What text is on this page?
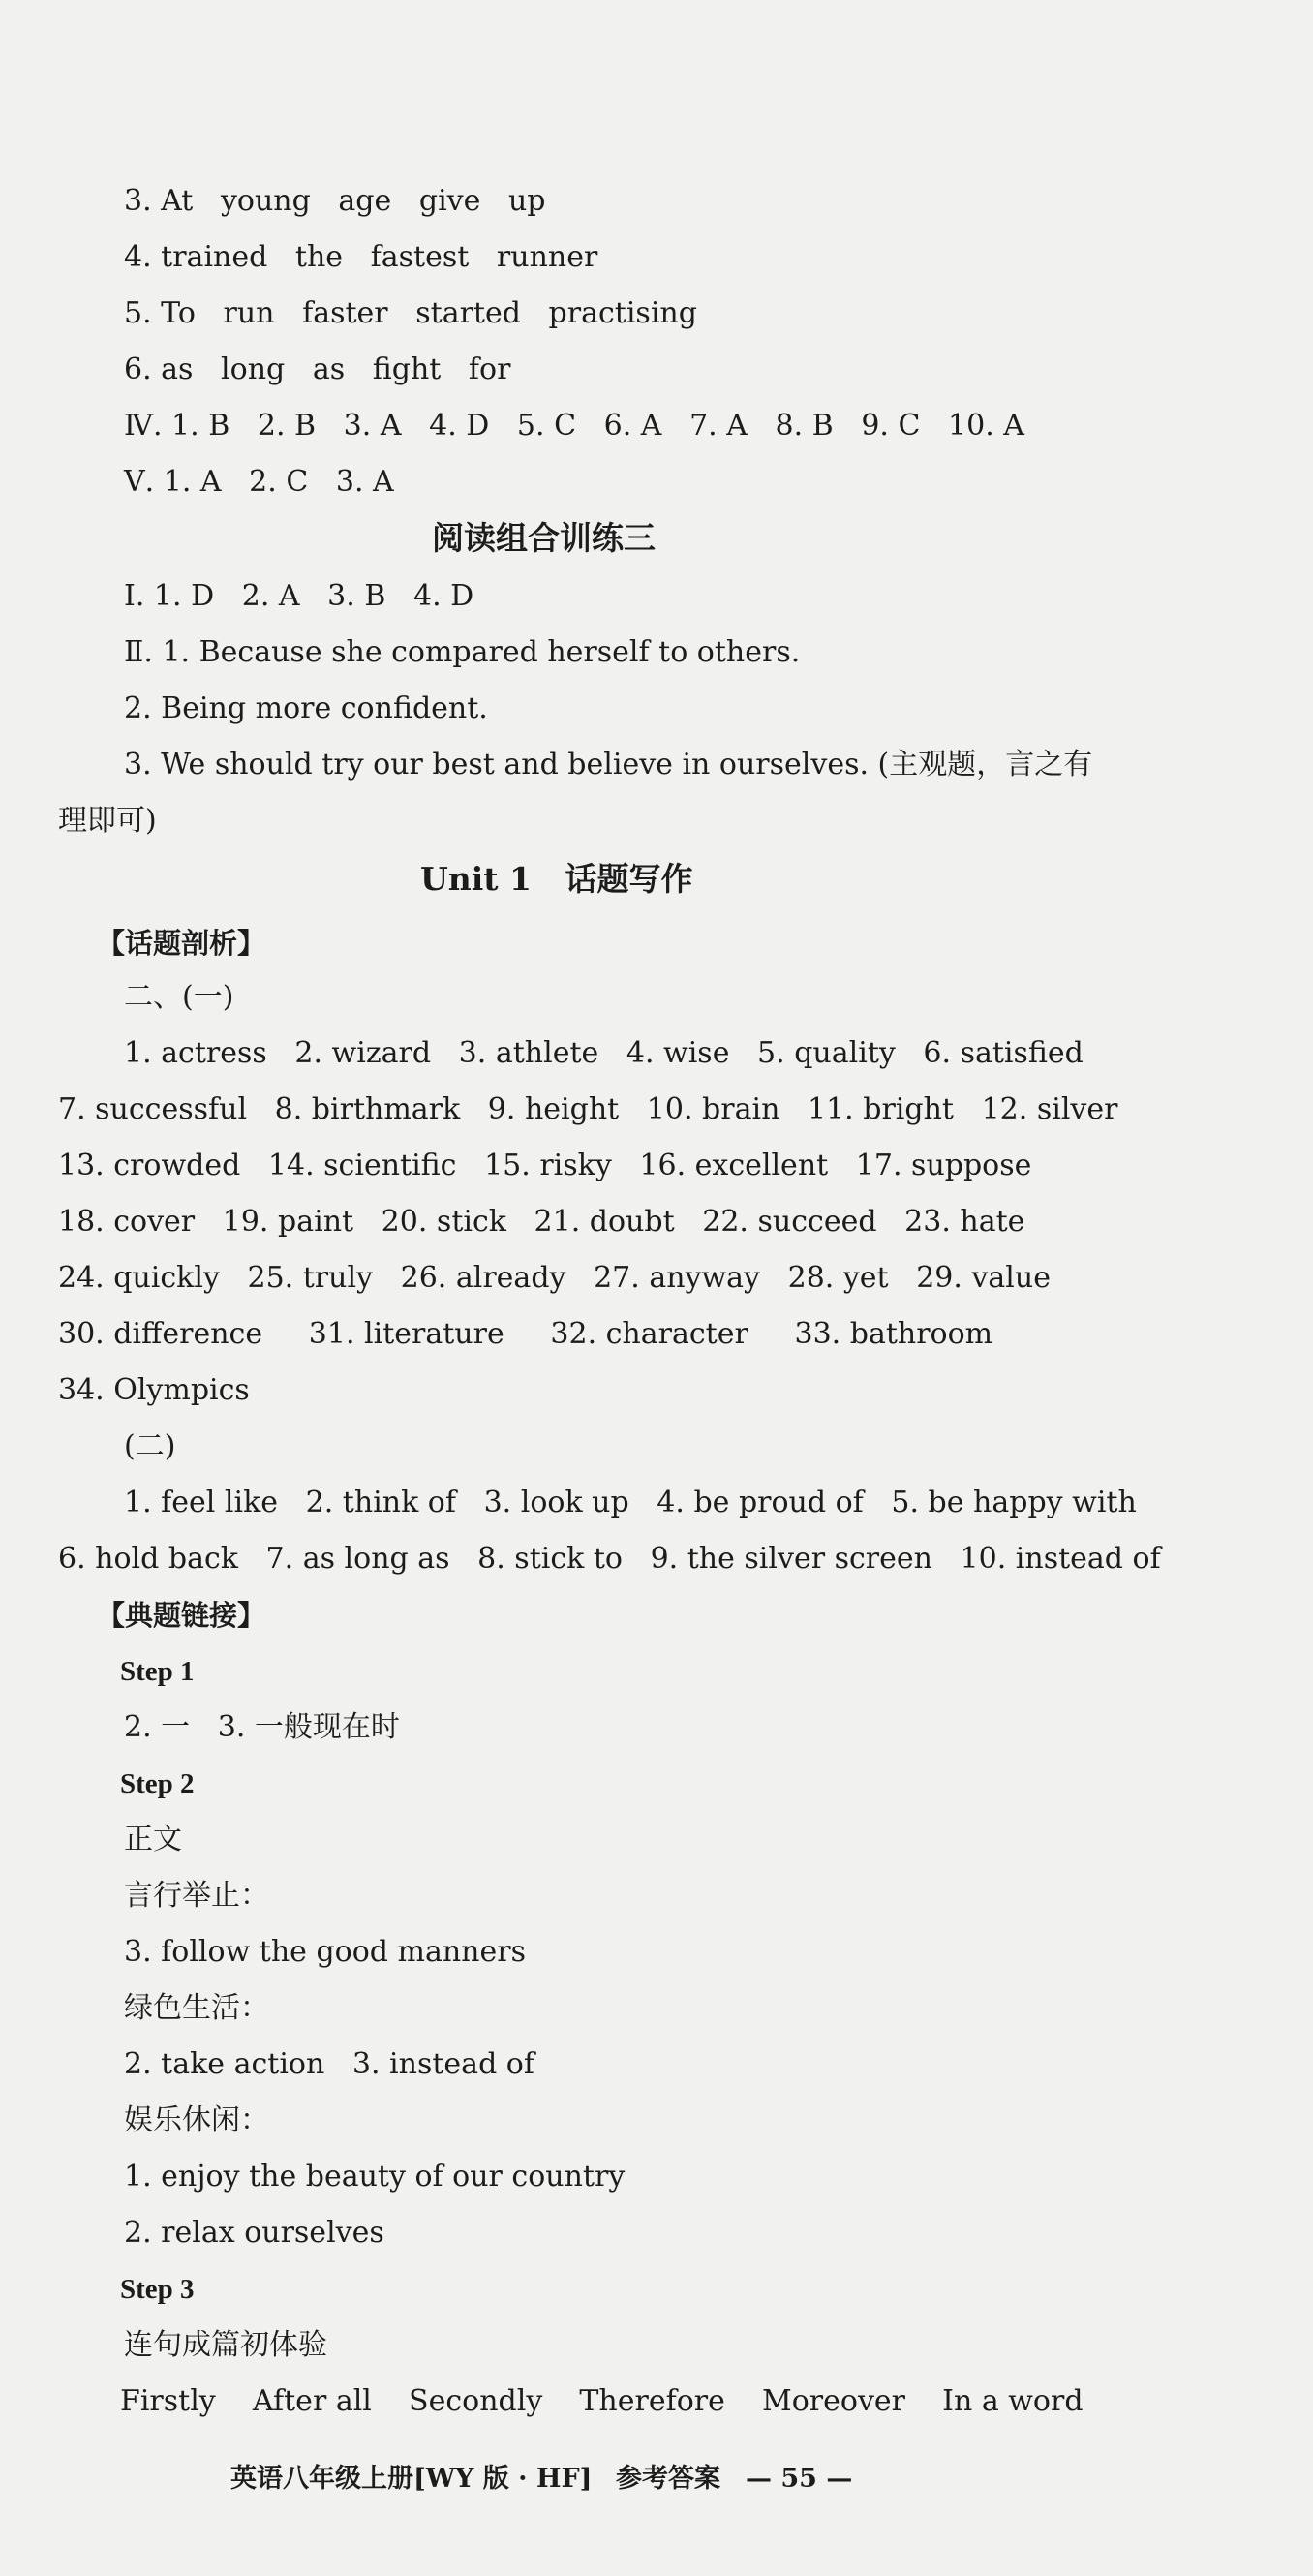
3. At   young   age   give   up
4. trained   the   fastest   runner
5. To   run   faster   started   practising
6. as   long   as   fight   for
Ⅳ. 1. B   2. B   3. A   4. D   5. C   6. A   7. A   8. B   9. C   10. A
Ⅴ. 1. A   2. C   3. A
阅读组合训练三
Ⅰ. 1. D   2. A   3. B   4. D
Ⅱ. 1. Because she compared herself to others.
2. Being more confident.
3. We should try our best and believe in ourselves. (主观题，言之有
理即可)
Unit 1   话题写作
【话题剖析】
二、(一)
1. actress   2. wizard   3. athlete   4. wise   5. quality   6. satisfied
7. successful   8. birthmark   9. height   10. brain   11. bright   12. silver
13. crowded   14. scientific   15. risky   16. excellent   17. suppose
18. cover   19. paint   20. stick   21. doubt   22. succeed   23. hate
24. quickly   25. truly   26. already   27. anyway   28. yet   29. value
30. difference     31. literature     32. character     33. bathroom
34. Olympics
(二)
1. feel like   2. think of   3. look up   4. be proud of   5. be happy with
6. hold back   7. as long as   8. stick to   9. the silver screen   10. instead of
【典题链接】
Step 1
2. 一   3. 一般现在时
Step 2
正文
言行举止：
3. follow the good manners
绿色生活：
2. take action   3. instead of
娱乐休闲：
1. enjoy the beauty of our country
2. relax ourselves
Step 3
连句成篇初体验
Firstly    After all    Secondly    Therefore    Moreover    In a word
英语八年级上册[WY 版 · HF] 参考答案 — 55 —
